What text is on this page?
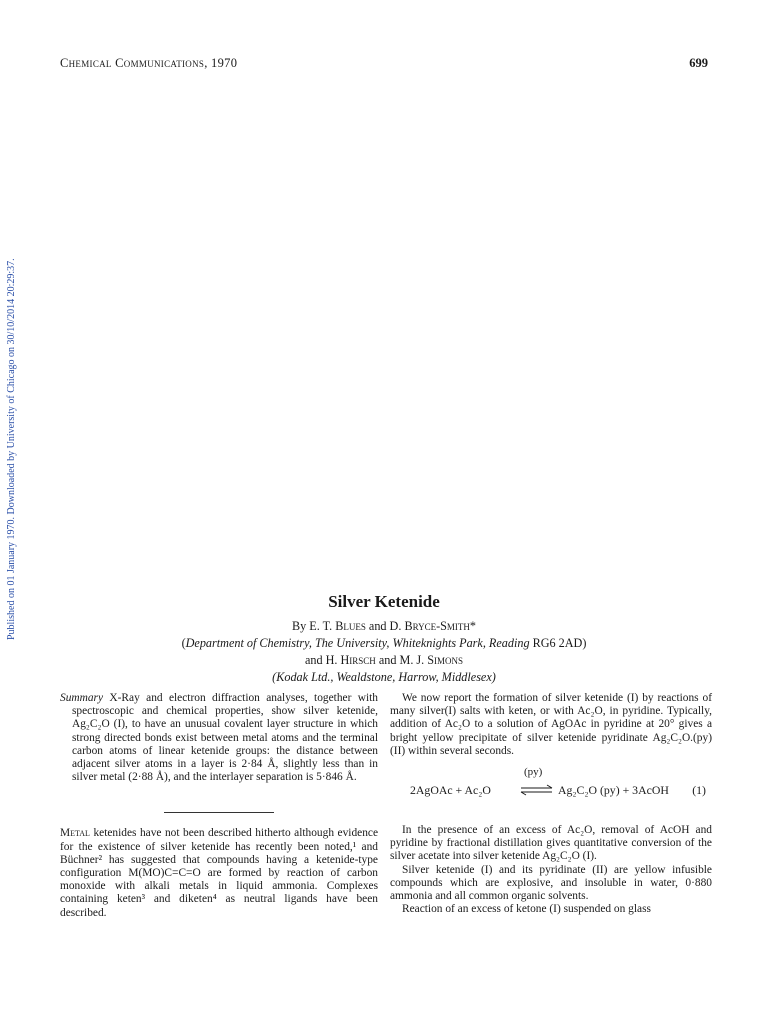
Chemical Communications, 1970	699
Published on 01 January 1970. Downloaded by University of Chicago on 30/10/2014 20:29:37.	Silver Ketenide
By E. T. Blues and D. Bryce-Smith*
(Department of Chemistry, The University, Whiteknights Park, Reading RG6 2AD)
and H. Hirsch and M. J. Simons
(Kodak Ltd., Wealdstone, Harrow, Middlesex)

Summary X-Ray and electron diffraction analyses, together with spectroscopic and chemical properties, show silver ketenide, Ag₂C₂O (I), to have an unusual covalent layer structure in which strong directed bonds exist between metal atoms and the terminal carbon atoms of linear ketenide groups: the distance between adjacent silver atoms in a layer is 2·84 Å, slightly less than in silver metal (2·88 Å), and the interlayer separation is 5·846 Å.

Metal ketenides have not been described hitherto although evidence for the existence of silver ketenide has recently been noted,¹ and Büchner² has suggested that compounds having a ketenide-type configuration M(MO)C=C=O are formed by reaction of carbon monoxide with alkali metals in liquid ammonia. Complexes containing keten³ and diketen⁴ as neutral ligands have been described.

We now report the formation of silver ketenide (I) by reactions of many silver(I) salts with keten, or with Ac₂O, in pyridine. Typically, addition of Ac₂O to a solution of AgOAc in pyridine at 20° gives a bright yellow precipitate of silver ketenide pyridinate Ag₂C₂O.(py) (II) within several seconds.

2AgOAc + Ac₂O
(py)
⇌ Ag₂C₂O (py) + 3AcOH (1)

In the presence of an excess of Ac₂O, removal of AcOH and pyridine by fractional distillation gives quantitative conversion of the silver acetate into silver ketenide Ag₂C₂O (I).

Silver ketenide (I) and its pyridinate (II) are yellow infusible compounds which are explosive, and insoluble in water, 0·880 ammonia and all common organic solvents.

Reaction of an excess of ketone (I) suspended on glass
